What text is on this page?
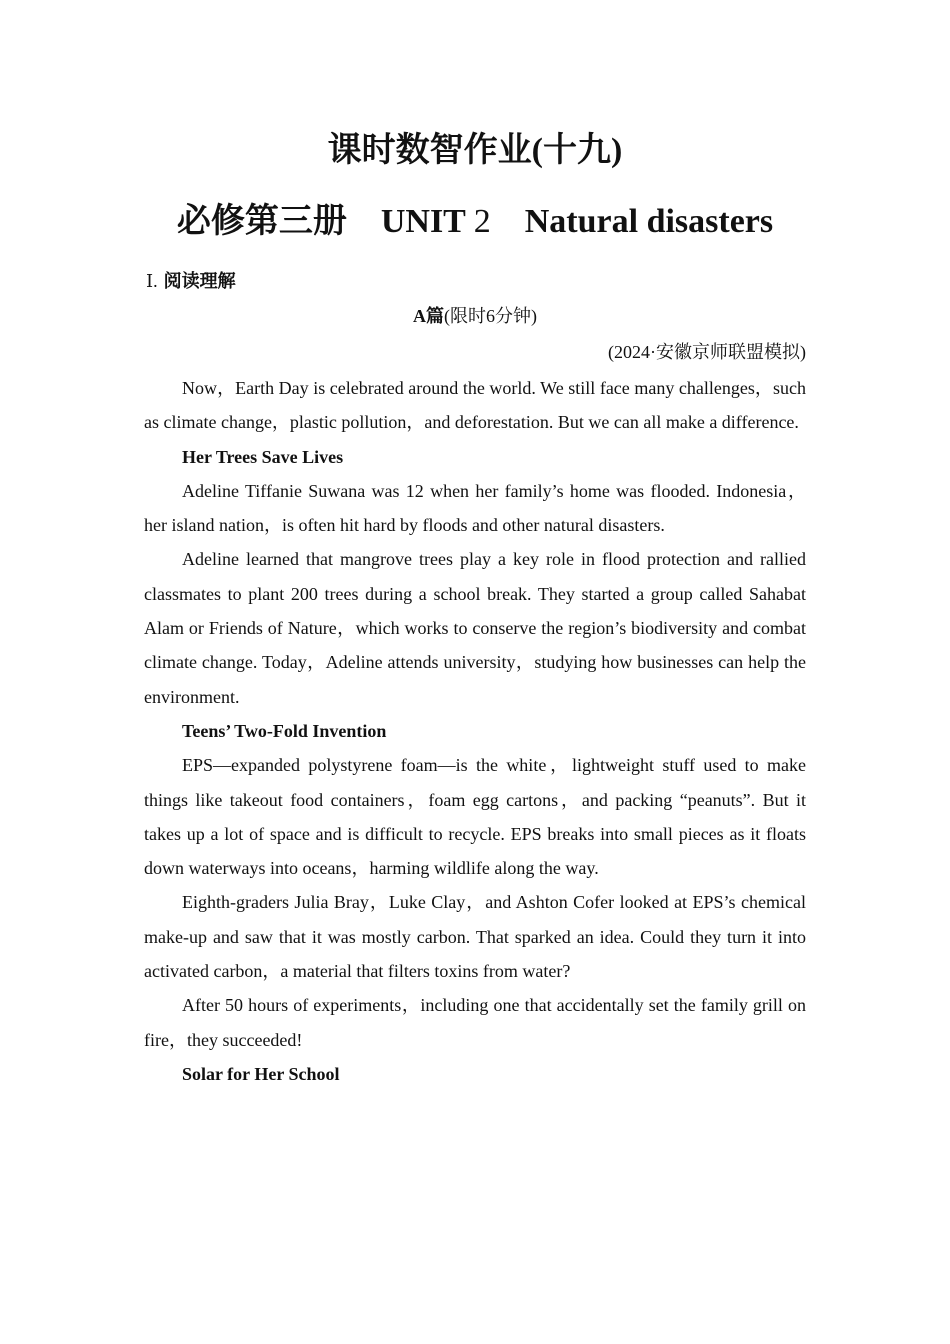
课时数智作业(十九)
必修第三册 UNIT 2 Natural disasters
Ⅰ. 阅读理解
A篇(限时6分钟)
(2024·安徽京师联盟模拟)

Now，Earth Day is celebrated around the world. We still face many challenges，such as climate change，plastic pollution，and deforestation. But we can all make a difference.

Her Trees Save Lives

Adeline Tiffanie Suwana was 12 when her family’s home was flooded. Indonesia，her island nation，is often hit hard by floods and other natural disasters.

Adeline learned that mangrove trees play a key role in flood protection and rallied classmates to plant 200 trees during a school break. They started a group called Sahabat Alam or Friends of Nature，which works to conserve the region’s biodiversity and combat climate change. Today，Adeline attends university，studying how businesses can help the environment.

Teens’ Two-Fold Invention

EPS—expanded polystyrene foam—is the white，lightweight stuff used to make things like takeout food containers，foam egg cartons，and packing “peanuts”. But it takes up a lot of space and is difficult to recycle. EPS breaks into small pieces as it floats down waterways into oceans，harming wildlife along the way.

Eighth-graders Julia Bray，Luke Clay，and Ashton Cofer looked at EPS’s chemical make-up and saw that it was mostly carbon. That sparked an idea. Could they turn it into activated carbon，a material that filters toxins from water?

After 50 hours of experiments，including one that accidentally set the family grill on fire，they succeeded!

Solar for Her School
